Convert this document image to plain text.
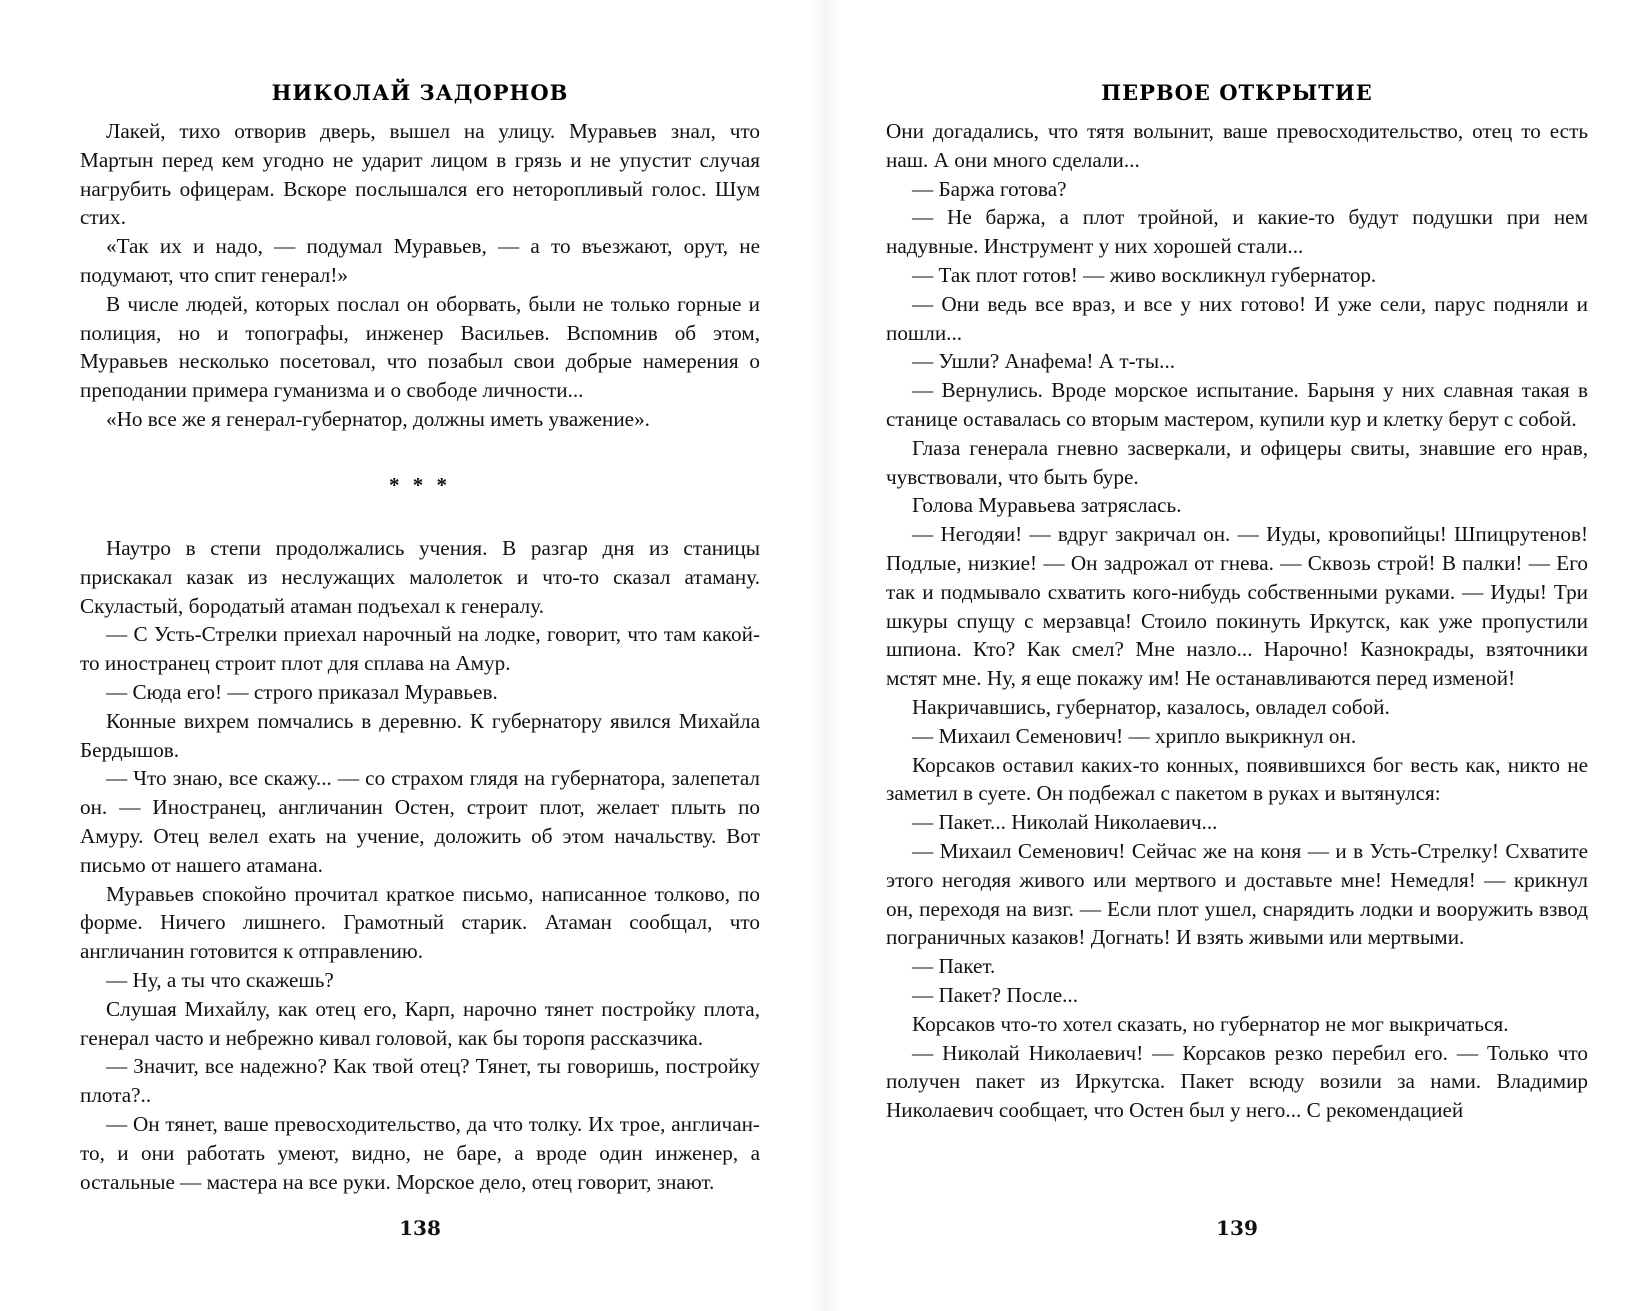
НИКОЛАЙ ЗАДОРНОВ

Лакей, тихо отворив дверь, вышел на улицу. Муравьев знал, что Мартын перед кем угодно не ударит лицом в грязь и не упустит случая нагрубить офицерам. Вскоре послышался его неторопливый голос. Шум стих.

«Так их и надо, — подумал Муравьев, — а то въезжают, орут, не подумают, что спит генерал!»

В числе людей, которых послал он оборвать, были не только горные и полиция, но и топографы, инженер Васильев. Вспомнив об этом, Муравьев несколько посетовал, что позабыл свои добрые намерения о преподании примера гуманизма и о свободе личности...

«Но все же я генерал-губернатор, должны иметь уважение».

* * *

Наутро в степи продолжались учения. В разгар дня из станицы прискакал казак из неслужащих малолеток и что-то сказал атаману. Скуластый, бородатый атаман подъехал к генералу.

— С Усть-Стрелки приехал нарочный на лодке, говорит, что там какой-то иностранец строит плот для сплава на Амур.

— Сюда его! — строго приказал Муравьев.

Конные вихрем помчались в деревню. К губернатору явился Михайла Бердышов.

— Что знаю, все скажу... — со страхом глядя на губернатора, залепетал он. — Иностранец, англичанин Остен, строит плот, желает плыть по Амуру. Отец велел ехать на учение, доложить об этом начальству. Вот письмо от нашего атамана.

Муравьев спокойно прочитал краткое письмо, написанное толково, по форме. Ничего лишнего. Грамотный старик. Атаман сообщал, что англичанин готовится к отправлению.

— Ну, а ты что скажешь?

Слушая Михайлу, как отец его, Карп, нарочно тянет постройку плота, генерал часто и небрежно кивал головой, как бы торопя рассказчика.

— Значит, все надежно? Как твой отец? Тянет, ты говоришь, постройку плота?..

— Он тянет, ваше превосходительство, да что толку. Их трое, англичан-то, и они работать умеют, видно, не баре, а вроде один инженер, а остальные — мастера на все руки. Морское дело, отец говорит, знают.

138
ПЕРВОЕ ОТКРЫТИЕ

Они догадались, что тятя волынит, ваше превосходительство, отец то есть наш. А они много сделали...

— Баржа готова?

— Не баржа, а плот тройной, и какие-то будут подушки при нем надувные. Инструмент у них хорошей стали...

— Так плот готов! — живо воскликнул губернатор.

— Они ведь все враз, и все у них готово! И уже сели, парус подняли и пошли...

— Ушли? Анафема! А т-ты...

— Вернулись. Вроде морское испытание. Барыня у них славная такая в станице оставалась со вторым мастером, купили кур и клетку берут с собой.

Глаза генерала гневно засверкали, и офицеры свиты, знавшие его нрав, чувствовали, что быть буре.

Голова Муравьева затряслась.

— Негодяи! — вдруг закричал он. — Иуды, кровопийцы! Шпицрутенов! Подлые, низкие! — Он задрожал от гнева. — Сквозь строй! В палки! — Его так и подмывало схватить кого-нибудь собственными руками. — Иуды! Три шкуры спущу с мерзавца! Стоило покинуть Иркутск, как уже пропустили шпиона. Кто? Как смел? Мне назло... Нарочно! Казнокрады, взяточники мстят мне. Ну, я еще покажу им! Не останавливаются перед изменой!

Накричавшись, губернатор, казалось, овладел собой.

— Михаил Семенович! — хрипло выкрикнул он.

Корсаков оставил каких-то конных, появившихся бог весть как, никто не заметил в суете. Он подбежал с пакетом в руках и вытянулся:

— Пакет... Николай Николаевич...

— Михаил Семенович! Сейчас же на коня — и в Усть-Стрелку! Схватите этого негодяя живого или мертвого и доставьте мне! Немедля! — крикнул он, переходя на визг. — Если плот ушел, снарядить лодки и вооружить взвод пограничных казаков! Догнать! И взять живыми или мертвыми.

— Пакет.

— Пакет? После...

Корсаков что-то хотел сказать, но губернатор не мог выкричаться.

— Николай Николаевич! — Корсаков резко перебил его. — Только что получен пакет из Иркутска. Пакет всюду возили за нами. Владимир Николаевич сообщает, что Остен был у него... С рекомендацией

139
